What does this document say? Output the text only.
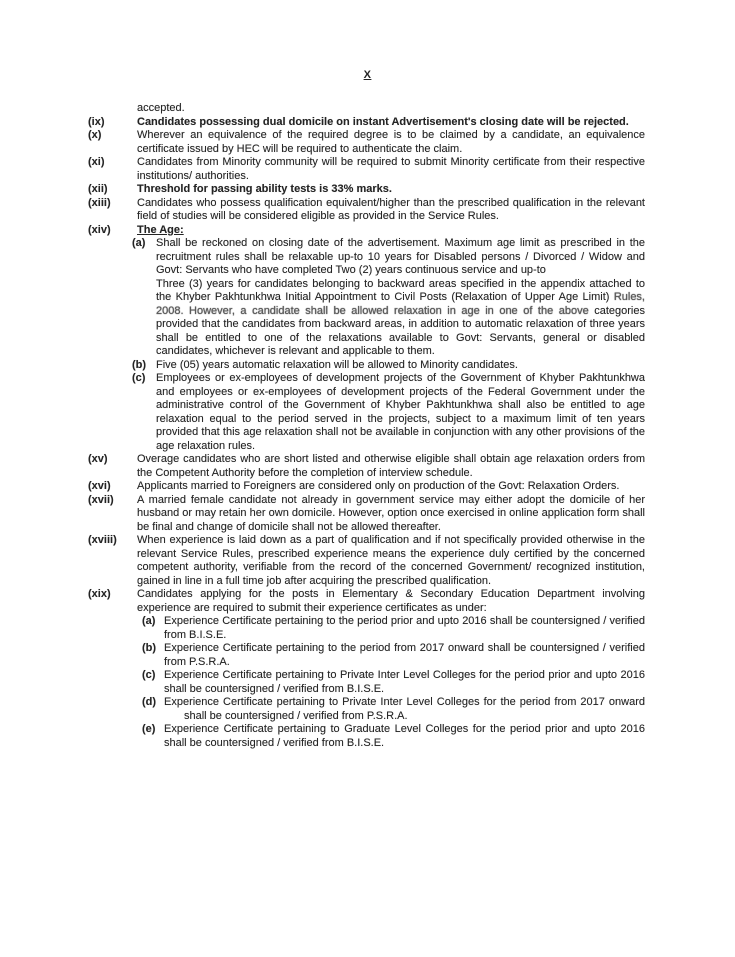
X
accepted.
(ix)	Candidates possessing dual domicile on instant Advertisement's closing date will be rejected.
(x)	Wherever an equivalence of the required degree is to be claimed by a candidate, an equivalence certificate issued by HEC will be required to authenticate the claim.
(xi)	Candidates from Minority community will be required to submit Minority certificate from their respective institutions/ authorities.
(xii)	Threshold for passing ability tests is 33% marks.
(xiii)	Candidates who possess qualification equivalent/higher than the prescribed qualification in the relevant field of studies will be considered eligible as provided in the Service Rules.
(xiv)	The Age:
(a) Shall be reckoned on closing date of the advertisement. Maximum age limit as prescribed in the recruitment rules shall be relaxable up-to 10 years for Disabled persons / Divorced / Widow and Govt: Servants who have completed Two (2) years continuous service and up-to
Three (3) years for candidates belonging to backward areas specified in the appendix attached to the Khyber Pakhtunkhwa Initial Appointment to Civil Posts (Relaxation of Upper Age Limit) Rules, 2008. However, a candidate shall be allowed relaxation in age in one of the above categories provided that the candidates from backward areas, in addition to automatic relaxation of three years shall be entitled to one of the relaxations available to Govt: Servants, general or disabled candidates, whichever is relevant and applicable to them.
(b) Five (05) years automatic relaxation will be allowed to Minority candidates.
(c) Employees or ex-employees of development projects of the Government of Khyber Pakhtunkhwa and employees or ex-employees of development projects of the Federal Government under the administrative control of the Government of Khyber Pakhtunkhwa shall also be entitled to age relaxation equal to the period served in the projects, subject to a maximum limit of ten years provided that this age relaxation shall not be available in conjunction with any other provisions of the age relaxation rules.
(xv)	Overage candidates who are short listed and otherwise eligible shall obtain age relaxation orders from the Competent Authority before the completion of interview schedule.
(xvi)	Applicants married to Foreigners are considered only on production of the Govt: Relaxation Orders.
(xvii)	A married female candidate not already in government service may either adopt the domicile of her husband or may retain her own domicile. However, option once exercised in online application form shall be final and change of domicile shall not be allowed thereafter.
(xviii)	When experience is laid down as a part of qualification and if not specifically provided otherwise in the relevant Service Rules, prescribed experience means the experience duly certified by the concerned competent authority, verifiable from the record of the concerned Government/ recognized institution, gained in line in a full time job after acquiring the prescribed qualification.
(xix)	Candidates applying for the posts in Elementary & Secondary Education Department involving experience are required to submit their experience certificates as under:
(a) Experience Certificate pertaining to the period prior and upto 2016 shall be countersigned / verified from B.I.S.E.
(b) Experience Certificate pertaining to the period from 2017 onward shall be countersigned / verified from P.S.R.A.
(c) Experience Certificate pertaining to Private Inter Level Colleges for the period prior and upto 2016 shall be countersigned / verified from B.I.S.E.
(d) Experience Certificate pertaining to Private Inter Level Colleges for the period from 2017 onward shall be countersigned / verified from P.S.R.A.
(e) Experience Certificate pertaining to Graduate Level Colleges for the period prior and upto 2016 shall be countersigned / verified from B.I.S.E.
